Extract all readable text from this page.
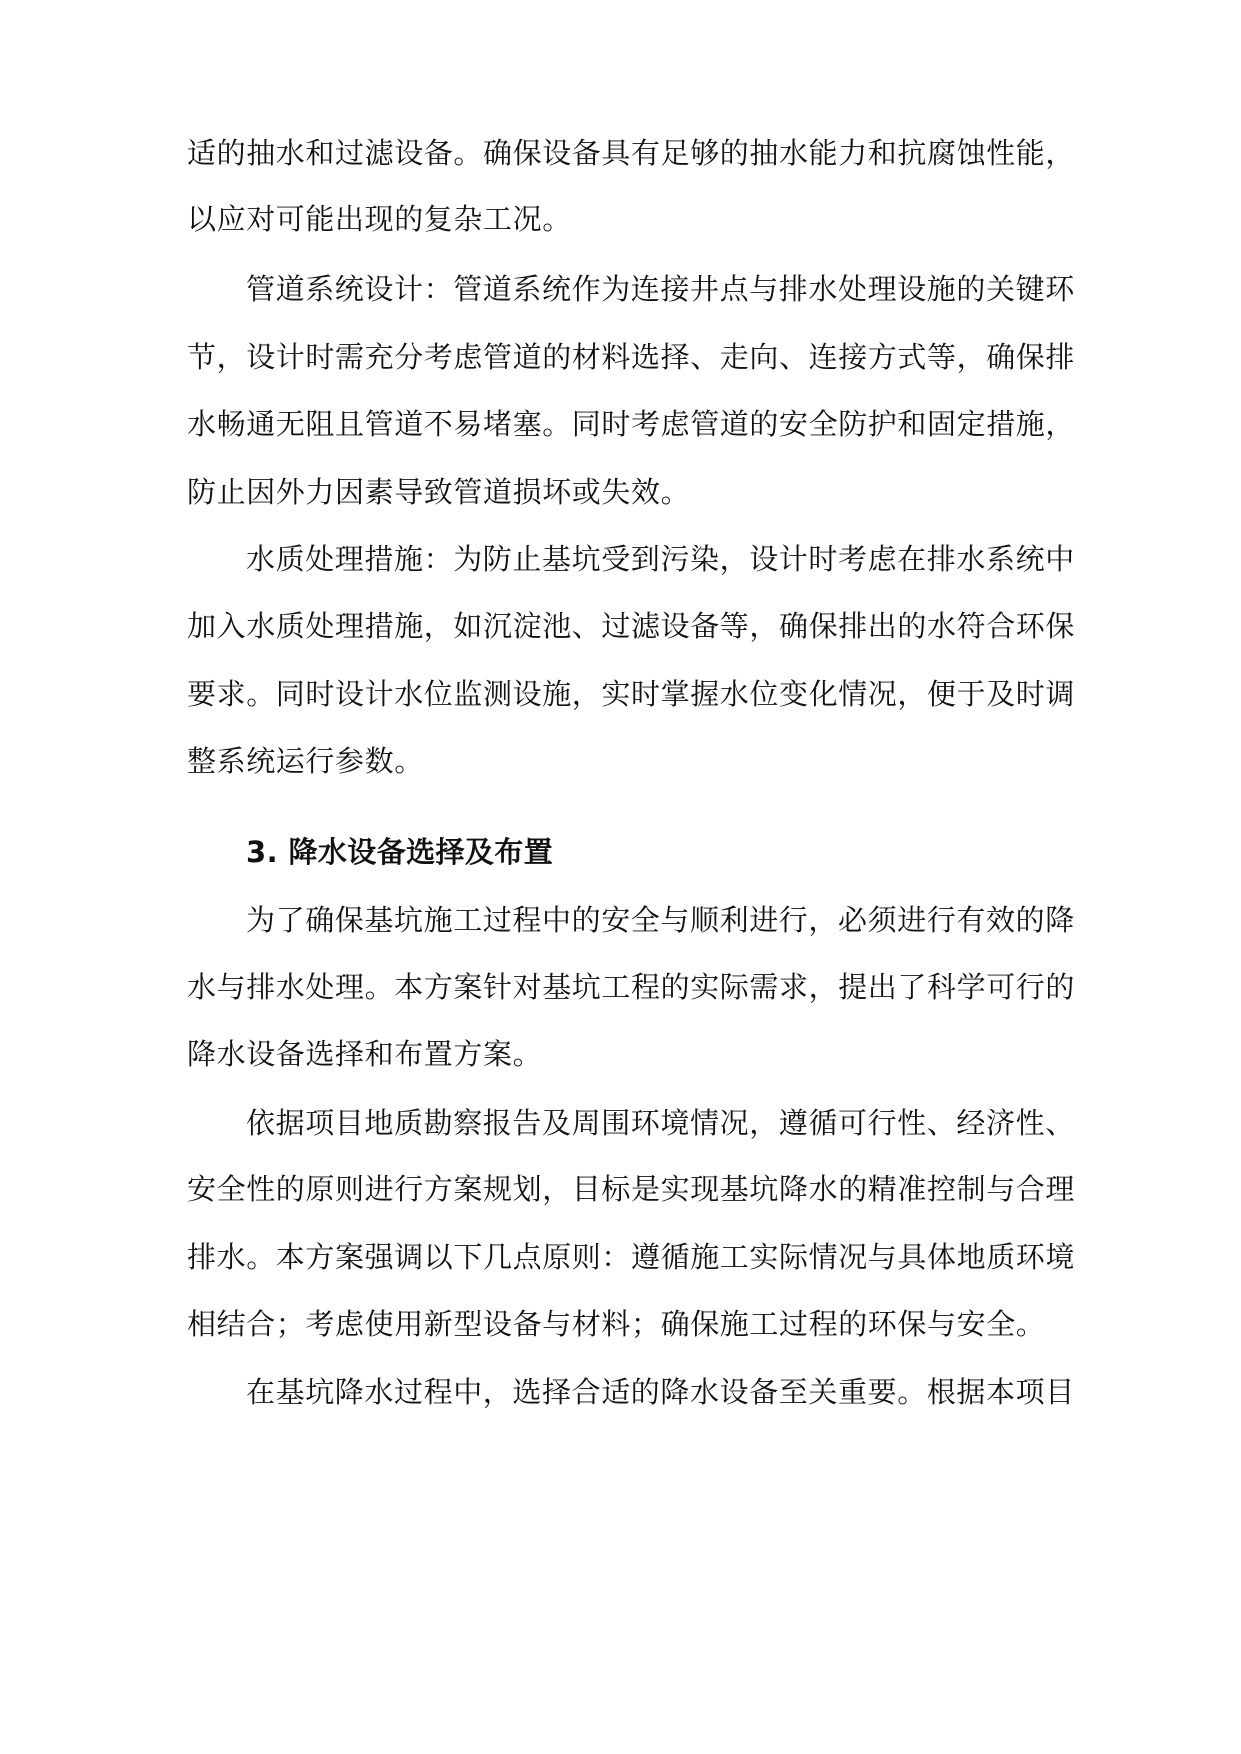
适的抽水和过滤设备。确保设备具有足够的抽水能力和抗腐蚀性能，

以应对可能出现的复杂工况。

管道系统设计：管道系统作为连接井点与排水处理设施的关键环

节，设计时需充分考虑管道的材料选择、走向、连接方式等，确保排

水畅通无阻且管道不易堵塞。同时考虑管道的安全防护和固定措施，

防止因外力因素导致管道损坏或失效。

水质处理措施：为防止基坑受到污染，设计时考虑在排水系统中

加入水质处理措施，如沉淀池、过滤设备等，确保排出的水符合环保

要求。同时设计水位监测设施，实时掌握水位变化情况，便于及时调

整系统运行参数。

3. 降水设备选择及布置

为了确保基坑施工过程中的安全与顺利进行，必须进行有效的降

水与排水处理。本方案针对基坑工程的实际需求，提出了科学可行的

降水设备选择和布置方案。

依据项目地质勘察报告及周围环境情况，遵循可行性、经济性、

安全性的原则进行方案规划，目标是实现基坑降水的精准控制与合理

排水。本方案强调以下几点原则：遵循施工实际情况与具体地质环境

相结合；考虑使用新型设备与材料；确保施工过程的环保与安全。

在基坑降水过程中，选择合适的降水设备至关重要。根据本项目
